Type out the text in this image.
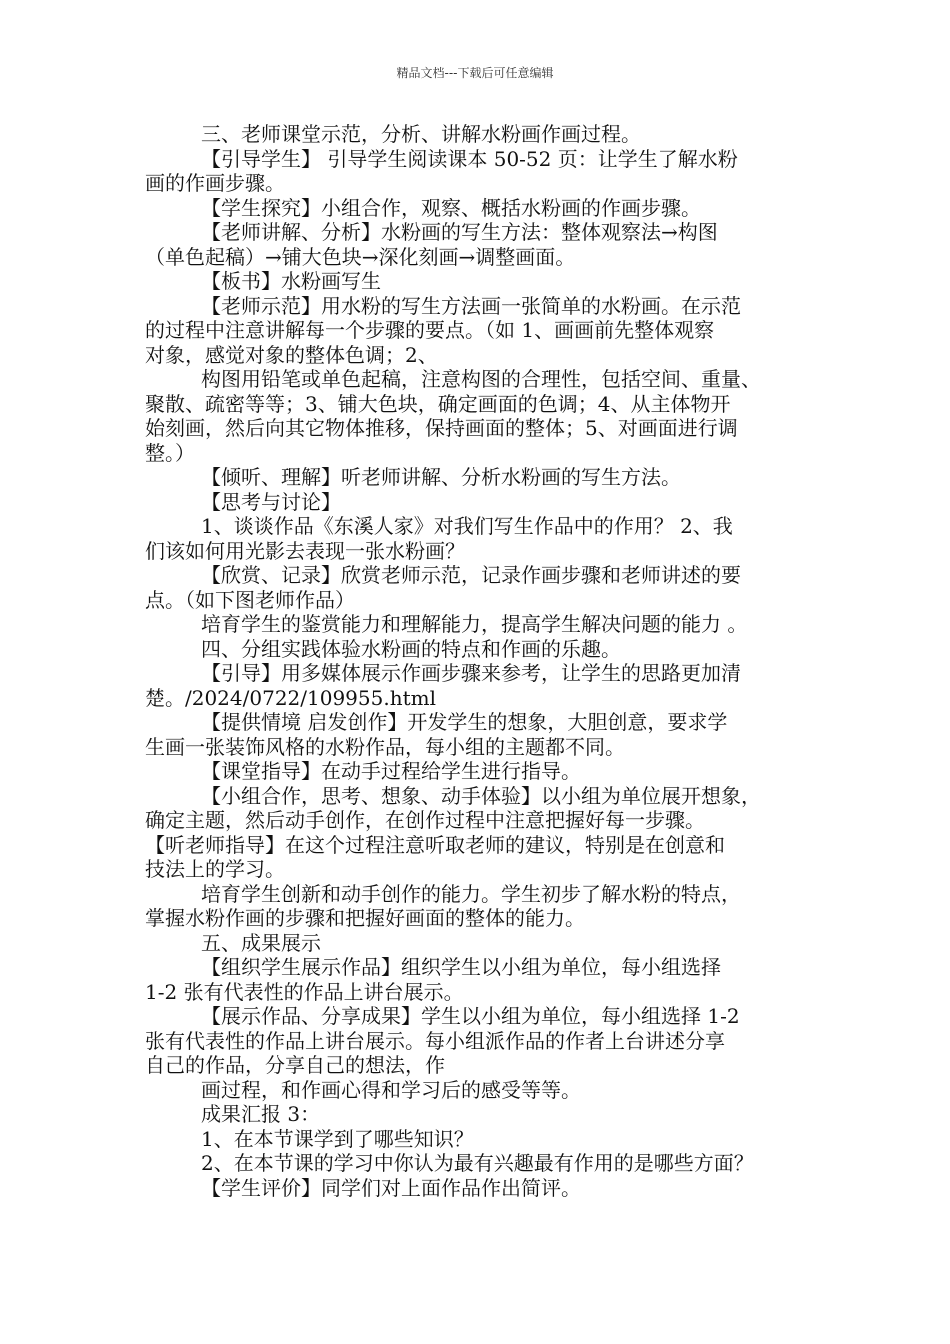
精品文档---下载后可任意编辑
三、老师课堂示范，分析、讲解水粉画作画过程。
【引导学生】 引导学生阅读课本 50-52 页：让学生了解水粉
画的作画步骤。
【学生探究】小组合作，观察、概括水粉画的作画步骤。
【老师讲解、分析】水粉画的写生方法：整体观察法→构图
（单色起稿）→铺大色块→深化刻画→调整画面。
【板书】水粉画写生
【老师示范】用水粉的写生方法画一张简单的水粉画。在示范
的过程中注意讲解每一个步骤的要点。（如 1、画画前先整体观察
对象，感觉对象的整体色调；2、
构图用铅笔或单色起稿，注意构图的合理性，包括空间、重量、
聚散、疏密等等；3、铺大色块，确定画面的色调；4、从主体物开
始刻画，然后向其它物体推移，保持画面的整体；5、对画面进行调
整。）
【倾听、理解】听老师讲解、分析水粉画的写生方法。
【思考与讨论】
1、谈谈作品《东溪人家》对我们写生作品中的作用？ 2、我
们该如何用光影去表现一张水粉画？
【欣赏、记录】欣赏老师示范，记录作画步骤和老师讲述的要
点。（如下图老师作品）
培育学生的鉴赏能力和理解能力，提高学生解决问题的能力 。
四、分组实践体验水粉画的特点和作画的乐趣。
【引导】用多媒体展示作画步骤来参考，让学生的思路更加清
楚。/2024/0722/109955.html
【提供情境 启发创作】开发学生的想象，大胆创意，要求学
生画一张装饰风格的水粉作品，每小组的主题都不同。
【课堂指导】在动手过程给学生进行指导。
【小组合作，思考、想象、动手体验】以小组为单位展开想象，
确定主题，然后动手创作，在创作过程中注意把握好每一步骤。
【听老师指导】在这个过程注意听取老师的建议，特别是在创意和
技法上的学习。
培育学生创新和动手创作的能力。学生初步了解水粉的特点，
掌握水粉作画的步骤和把握好画面的整体的能力。
五、成果展示
【组织学生展示作品】组织学生以小组为单位，每小组选择
1-2 张有代表性的作品上讲台展示。
【展示作品、分享成果】学生以小组为单位，每小组选择 1-2
张有代表性的作品上讲台展示。每小组派作品的作者上台讲述分享
自己的作品，分享自己的想法，作
画过程，和作画心得和学习后的感受等等。
成果汇报 3：
1、在本节课学到了哪些知识？
2、在本节课的学习中你认为最有兴趣最有作用的是哪些方面？
【学生评价】同学们对上面作品作出简评。
